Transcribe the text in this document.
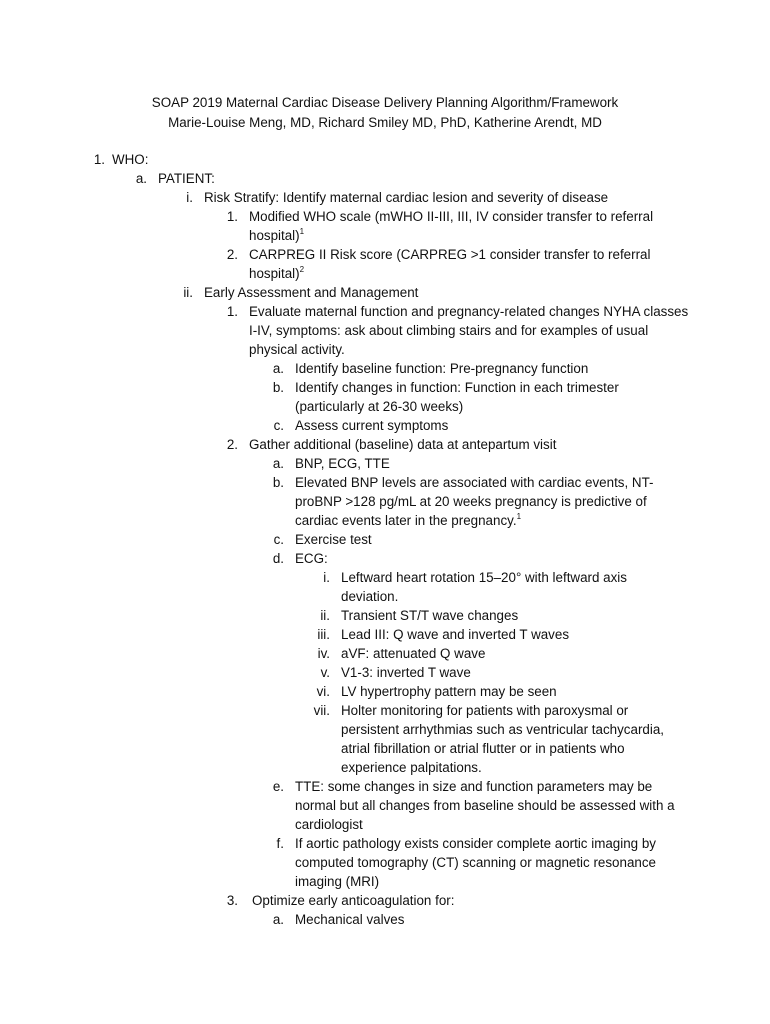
SOAP 2019 Maternal Cardiac Disease Delivery Planning Algorithm/Framework
Marie-Louise Meng, MD, Richard Smiley MD, PhD, Katherine Arendt, MD
1. WHO:
a. PATIENT:
i. Risk Stratify: Identify maternal cardiac lesion and severity of disease
1. Modified WHO scale (mWHO II-III, III, IV consider transfer to referral
hospital)$^1$
2. CARPREG II Risk score (CARPREG >1 consider transfer to referral
hospital)$^2$
ii. Early Assessment and Management
1. Evaluate maternal function and pregnancy-related changes NYHA classes
I-IV, symptoms: ask about climbing stairs and for examples of usual
physical activity.
a. Identify baseline function: Pre-pregnancy function
b. Identify changes in function: Function in each trimester
(particularly at 26-30 weeks)
c. Assess current symptoms
2. Gather additional (baseline) data at antepartum visit
a. BNP, ECG, TTE
b. Elevated BNP levels are associated with cardiac events, NT-
proBNP >128 pg/mL at 20 weeks pregnancy is predictive of
cardiac events later in the pregnancy.$^1$
c. Exercise test
d. ECG:
i. Leftward heart rotation 15–20° with leftward axis
deviation.
ii. Transient ST/T wave changes
iii. Lead III: Q wave and inverted T waves
iv. aVF: attenuated Q wave
v. V1-3: inverted T wave
vi. LV hypertrophy pattern may be seen
vii. Holter monitoring for patients with paroxysmal or
persistent arrhythmias such as ventricular tachycardia,
atrial fibrillation or atrial flutter or in patients who
experience palpitations.
e. TTE: some changes in size and function parameters may be
normal but all changes from baseline should be assessed with a
cardiologist
f. If aortic pathology exists consider complete aortic imaging by
computed tomography (CT) scanning or magnetic resonance
imaging (MRI)
3. Optimize early anticoagulation for:
a. Mechanical valves
